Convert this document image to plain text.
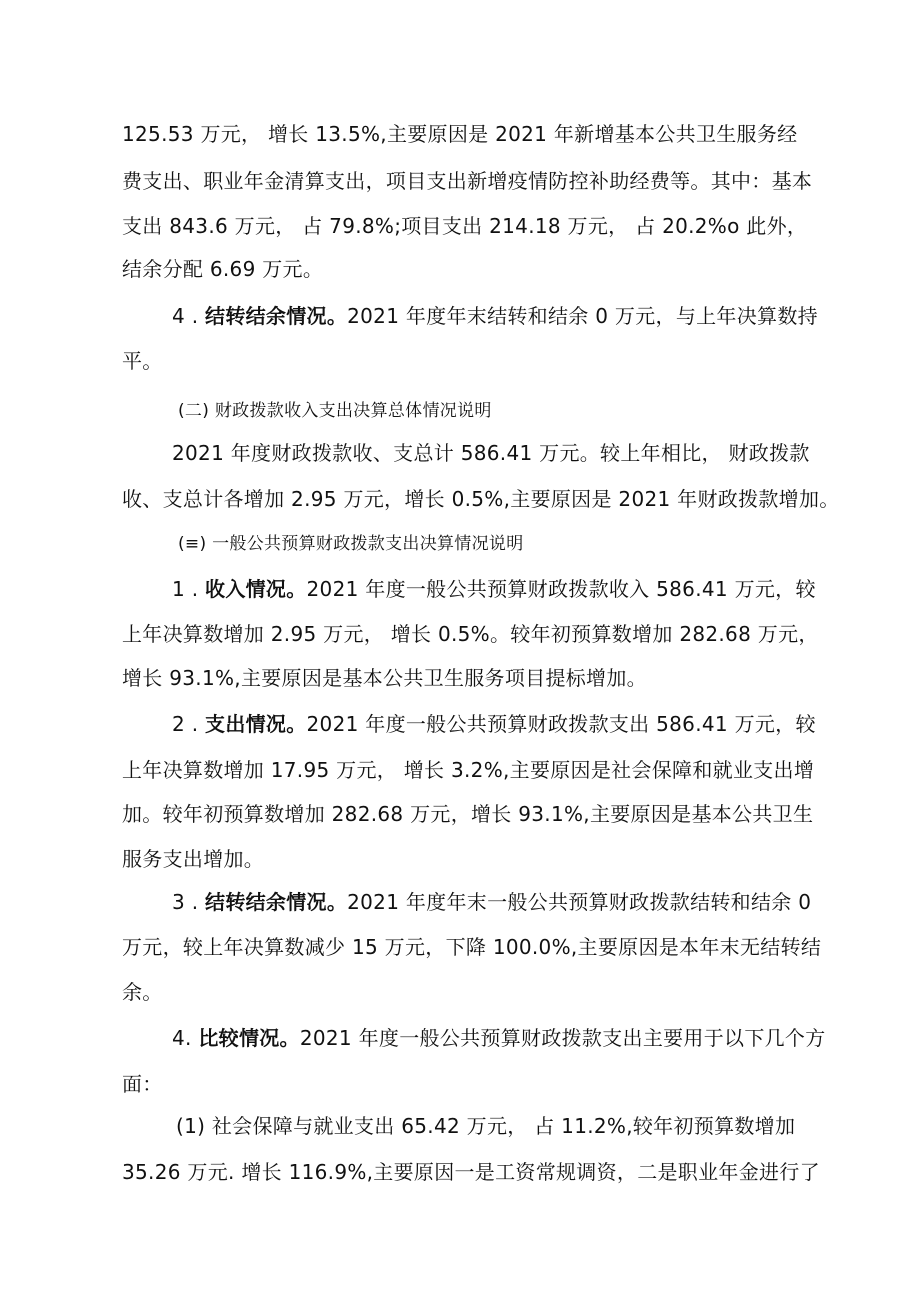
125.53 万元， 增长 13.5%,主要原因是 2021 年新增基本公共卫生服务经
费支出、职业年金清算支出，项目支出新增疫情防控补助经费等。其中：基本
支出 843.6 万元， 占 79.8%;项目支出 214.18 万元， 占 20.2%o 此外，
结余分配 6.69 万元。
4 . 结转结余情况。2021 年度年末结转和结余 0 万元，与上年决算数持
平。
(二) 财政拨款收入支出决算总体情况说明
2021 年度财政拨款收、支总计 586.41 万元。较上年相比， 财政拨款
收、支总计各增加 2.95 万元，增长 0.5%,主要原因是 2021 年财政拨款增加。
(≡) 一般公共预算财政拨款支出决算情况说明
1 . 收入情况。2021 年度一般公共预算财政拨款收入 586.41 万元，较
上年决算数增加 2.95 万元， 增长 0.5%。较年初预算数增加 282.68 万元，
增长 93.1%,主要原因是基本公共卫生服务项目提标增加。
2 . 支出情况。2021 年度一般公共预算财政拨款支出 586.41 万元，较
上年决算数增加 17.95 万元， 增长 3.2%,主要原因是社会保障和就业支出增
加。较年初预算数增加 282.68 万元，增长 93.1%,主要原因是基本公共卫生
服务支出增加。
3 . 结转结余情况。2021 年度年末一般公共预算财政拨款结转和结余 0
万元，较上年决算数减少 15 万元，下降 100.0%,主要原因是本年末无结转结
余。
4. 比较情况。2021 年度一般公共预算财政拨款支出主要用于以下几个方
面：
(1) 社会保障与就业支出 65.42 万元， 占 11.2%,较年初预算数增加
35.26 万元. 增长 116.9%,主要原因一是工资常规调资，二是职业年金进行了
